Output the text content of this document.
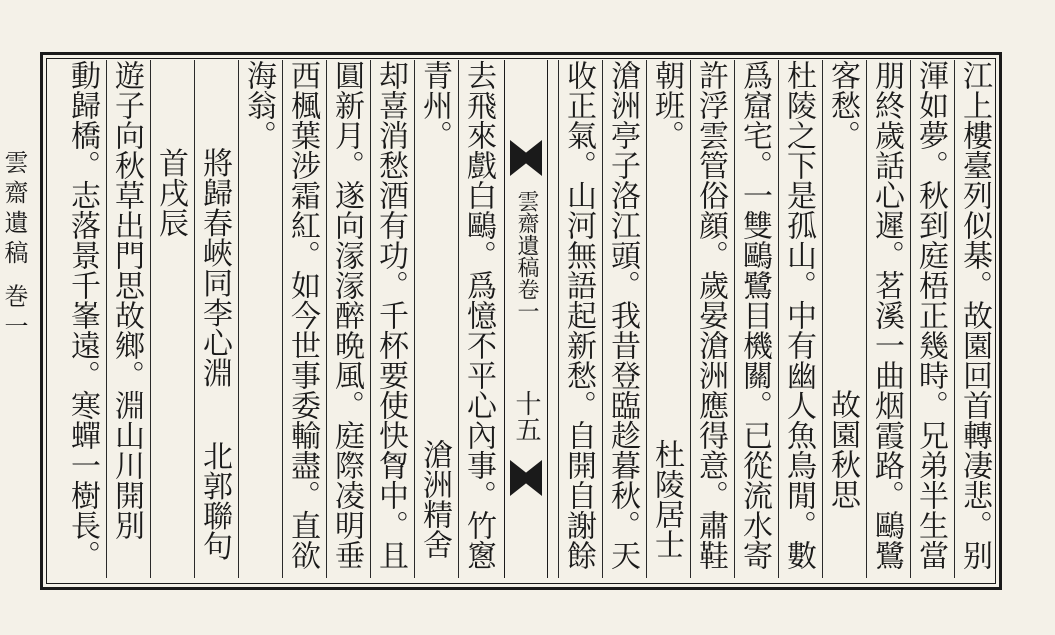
雲齋遺稿 巻一
江上樓臺列似棊。故園回首轉凄悲。别
渾如夢。秋到庭梧正幾時。兄弟半生當
朋終歲話心遲。茗溪一曲烟霞路。鷗鷺
客愁。  故園秋思
杜陵之下是孤山。中有幽人魚鳥閒。數
爲窟宅。一雙鷗鷺目機關。已從流水寄
許浮雲管俗顔。歲晏滄洲應得意。肅鞋
朝班。  杜陵居士
滄洲亭子洛江頭。我昔登臨趁暮秋。天
收正氣。山河無語起新愁。自開自謝餘
雲齋遺稿卷一
十五
去飛來戲白鷗。爲憶不平心內事。竹窻
青州。  滄洲精舍
却喜消愁酒有功。千杯要使快胷中。且
圓新月。遂向溕溕醉晩風。庭際凌明垂
西楓葉涉霜紅。如今世事委輸盡。直欲
海翁。
將歸春峽同李心淵  北郭聯句
首戌辰
遊子向秋草出門思故鄉。淵山川開別
動歸橋。志落景千峯遠。寒蟬一樹長。
